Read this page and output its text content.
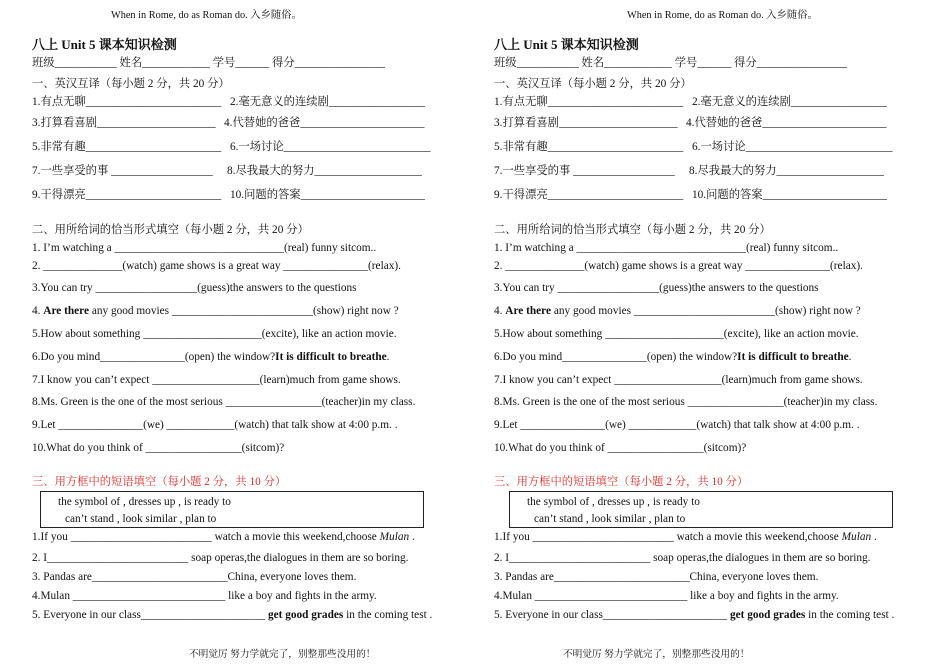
When in Rome, do as Roman do. 入乡随俗。
八上 Unit 5 课本知识检测
班级___________ 姓名____________ 学号______ 得分________________
一、英汉互译（每小题 2 分，共 20 分）
1.有点无聊________________________ 2.毫无意义的连续剧_________________
3.打算看喜剧_____________________ 4.代替她的爸爸______________________
5.非常有趣________________________ 6.一场讨论__________________________
7.一些享受的事 __________________ 8.尽我最大的努力___________________
9.干得漂亮________________________ 10.问题的答案______________________
二、用所给词的恰当形式填空（每小题 2 分，共 20 分）
1. I’m watching a ______________________________(real) funny sitcom..
2. ______________(watch) game shows is a great way _______________(relax).
3.You can try __________________(guess)the answers to the questions
4. Are there any good movies _________________________(show) right now ?
5.How about something _____________________(excite), like an action movie.
6.Do you mind_______________(open) the window?It is difficult to breathe.
7.I know you can’t expect ___________________(learn)much from game shows.
8.Ms. Green is the one of the most serious _________________(teacher)in my class.
9.Let _______________(we) ____________(watch) that talk show at 4:00 p.m. .
10.What do you think of _________________(sitcom)?
三、用方框中的短语填空（每小题 2 分，共 10 分）
the symbol of , dresses up , is ready to
can’t stand , look similar , plan to
1.If you _________________________ watch a movie this weekend,choose Mulan .
2. I_________________________ soap operas,the dialogues in them are so boring.
3. Pandas are________________________China, everyone loves them.
4.Mulan ___________________________ like a boy and fights in the army.
5. Everyone in our class______________________ get good grades in the coming test .
不明觉厉 努力学就完了，别整那些没用的！
When in Rome, do as Roman do. 入乡随俗。
八上 Unit 5 课本知识检测
班级___________ 姓名____________ 学号______ 得分________________
一、英汉互译（每小题 2 分，共 20 分）
1.有点无聊________________________ 2.毫无意义的连续剧_________________
3.打算看喜剧_____________________ 4.代替她的爸爸______________________
5.非常有趣________________________ 6.一场讨论__________________________
7.一些享受的事 __________________ 8.尽我最大的努力___________________
9.干得漂亮________________________ 10.问题的答案______________________
二、用所给词的恰当形式填空（每小题 2 分，共 20 分）
1. I’m watching a ______________________________(real) funny sitcom..
2. ______________(watch) game shows is a great way _______________(relax).
3.You can try __________________(guess)the answers to the questions
4. Are there any good movies _________________________(show) right now ?
5.How about something _____________________(excite), like an action movie.
6.Do you mind_______________(open) the window?It is difficult to breathe.
7.I know you can’t expect ___________________(learn)much from game shows.
8.Ms. Green is the one of the most serious _________________(teacher)in my class.
9.Let _______________(we) ____________(watch) that talk show at 4:00 p.m. .
10.What do you think of _________________(sitcom)?
三、用方框中的短语填空（每小题 2 分，共 10 分）
the symbol of , dresses up , is ready to
can’t stand , look similar , plan to
1.If you _________________________ watch a movie this weekend,choose Mulan .
2. I_________________________ soap operas,the dialogues in them are so boring.
3. Pandas are________________________China, everyone loves them.
4.Mulan ___________________________ like a boy and fights in the army.
5. Everyone in our class______________________ get good grades in the coming test .
不明觉厉 努力学就完了，别整那些没用的！
